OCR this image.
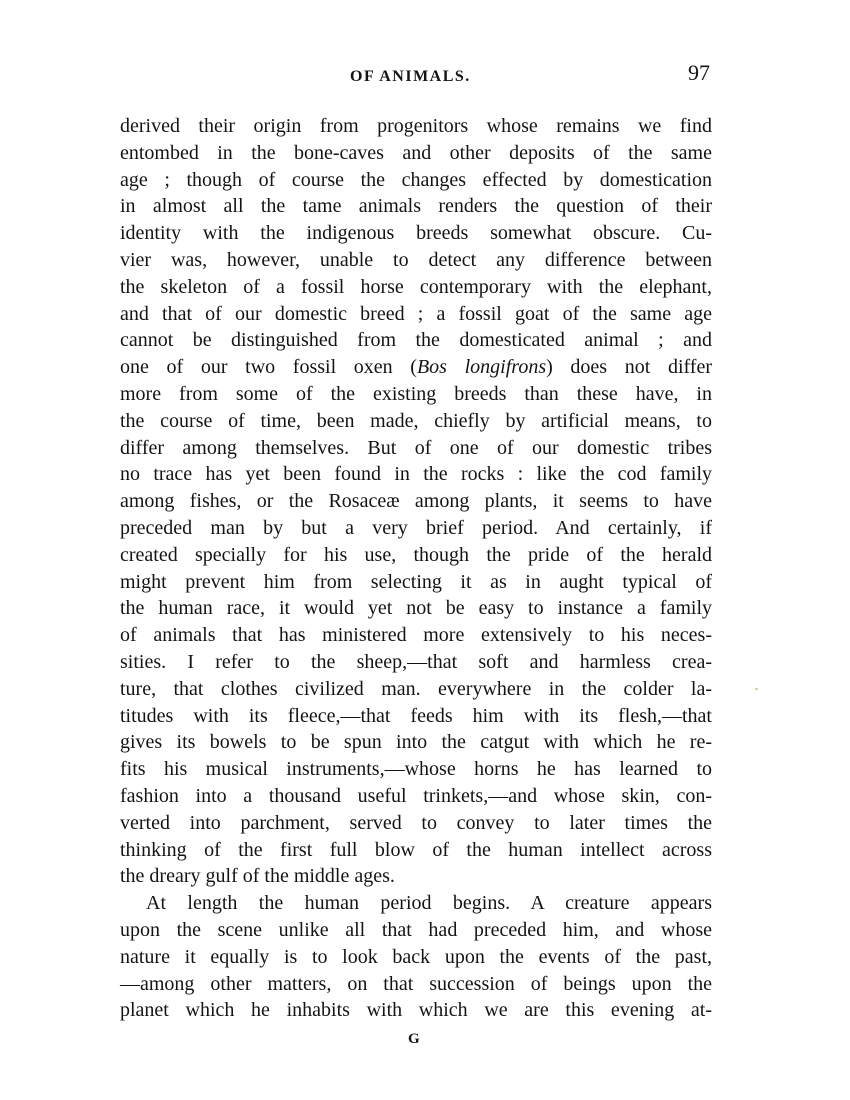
OF ANIMALS.	97
derived their origin from progenitors whose remains we find
entombed in the bone-caves and other deposits of the same
age ; though of course the changes effected by domestication
in almost all the tame animals renders the question of their
identity with the indigenous breeds somewhat obscure. Cu-
vier was, however, unable to detect any difference between
the skeleton of a fossil horse contemporary with the elephant,
and that of our domestic breed ; a fossil goat of the same age
cannot be distinguished from the domesticated animal ; and
one of our two fossil oxen (Bos longifrons) does not differ
more from some of the existing breeds than these have, in
the course of time, been made, chiefly by artificial means, to
differ among themselves. But of one of our domestic tribes
no trace has yet been found in the rocks : like the cod family
among fishes, or the Rosaceæ among plants, it seems to have
preceded man by but a very brief period. And certainly, if
created specially for his use, though the pride of the herald
might prevent him from selecting it as in aught typical of
the human race, it would yet not be easy to instance a family
of animals that has ministered more extensively to his neces-
sities. I refer to the sheep,—that soft and harmless crea-
ture, that clothes civilized man. everywhere in the colder la-
titudes with its fleece,—that feeds him with its flesh,—that
gives its bowels to be spun into the catgut with which he re-
fits his musical instruments,—whose horns he has learned to
fashion into a thousand useful trinkets,—and whose skin, con-
verted into parchment, served to convey to later times the
thinking of the first full blow of the human intellect across
the dreary gulf of the middle ages.
At length the human period begins. A creature appears
upon the scene unlike all that had preceded him, and whose
nature it equally is to look back upon the events of the past,
—among other matters, on that succession of beings upon the
planet which he inhabits with which we are this evening at-
G
